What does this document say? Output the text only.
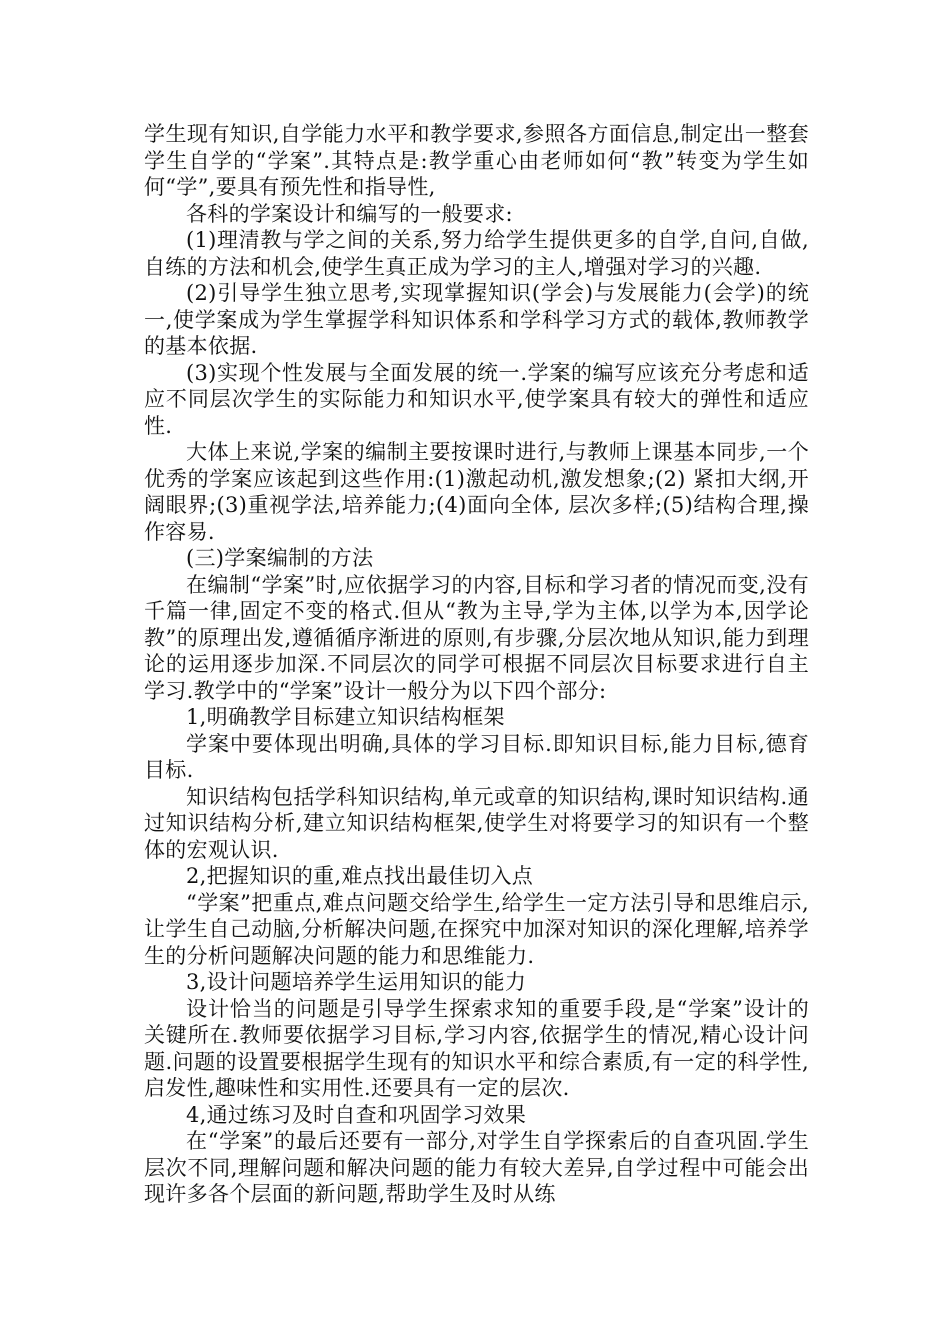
学生现有知识,自学能力水平和教学要求,参照各方面信息,制定出一整套学生自学的“学案”.其特点是:教学重心由老师如何“教”转变为学生如何“学”,要具有预先性和指导性,

各科的学案设计和编写的一般要求:

(1)理清教与学之间的关系,努力给学生提供更多的自学,自问,自做,自练的方法和机会,使学生真正成为学习的主人,增强对学习的兴趣.

(2)引导学生独立思考,实现掌握知识(学会)与发展能力(会学)的统一,使学案成为学生掌握学科知识体系和学科学习方式的载体,教师教学的基本依据.

(3)实现个性发展与全面发展的统一.学案的编写应该充分考虑和适应不同层次学生的实际能力和知识水平,使学案具有较大的弹性和适应性.

大体上来说,学案的编制主要按课时进行,与教师上课基本同步,一个优秀的学案应该起到这些作用:(1)激起动机,激发想象;(2) 紧扣大纲,开阔眼界;(3)重视学法,培养能力;(4)面向全体, 层次多样;(5)结构合理,操作容易.

(三)学案编制的方法

在编制“学案”时,应依据学习的内容,目标和学习者的情况而变,没有千篇一律,固定不变的格式.但从“教为主导,学为主体,以学为本,因学论教”的原理出发,遵循循序渐进的原则,有步骤,分层次地从知识,能力到理论的运用逐步加深.不同层次的同学可根据不同层次目标要求进行自主学习.教学中的“学案”设计一般分为以下四个部分:

1,明确教学目标建立知识结构框架

学案中要体现出明确,具体的学习目标.即知识目标,能力目标,德育目标.

知识结构包括学科知识结构,单元或章的知识结构,课时知识结构.通过知识结构分析,建立知识结构框架,使学生对将要学习的知识有一个整体的宏观认识.

2,把握知识的重,难点找出最佳切入点

“学案”把重点,难点问题交给学生,给学生一定方法引导和思维启示,让学生自己动脑,分析解决问题,在探究中加深对知识的深化理解,培养学生的分析问题解决问题的能力和思维能力.

3,设计问题培养学生运用知识的能力

设计恰当的问题是引导学生探索求知的重要手段,是“学案”设计的关键所在.教师要依据学习目标,学习内容,依据学生的情况,精心设计问题.问题的设置要根据学生现有的知识水平和综合素质,有一定的科学性,启发性,趣味性和实用性.还要具有一定的层次.

4,通过练习及时自查和巩固学习效果

在“学案”的最后还要有一部分,对学生自学探索后的自查巩固.学生层次不同,理解问题和解决问题的能力有较大差异,自学过程中可能会出现许多各个层面的新问题,帮助学生及时从练
